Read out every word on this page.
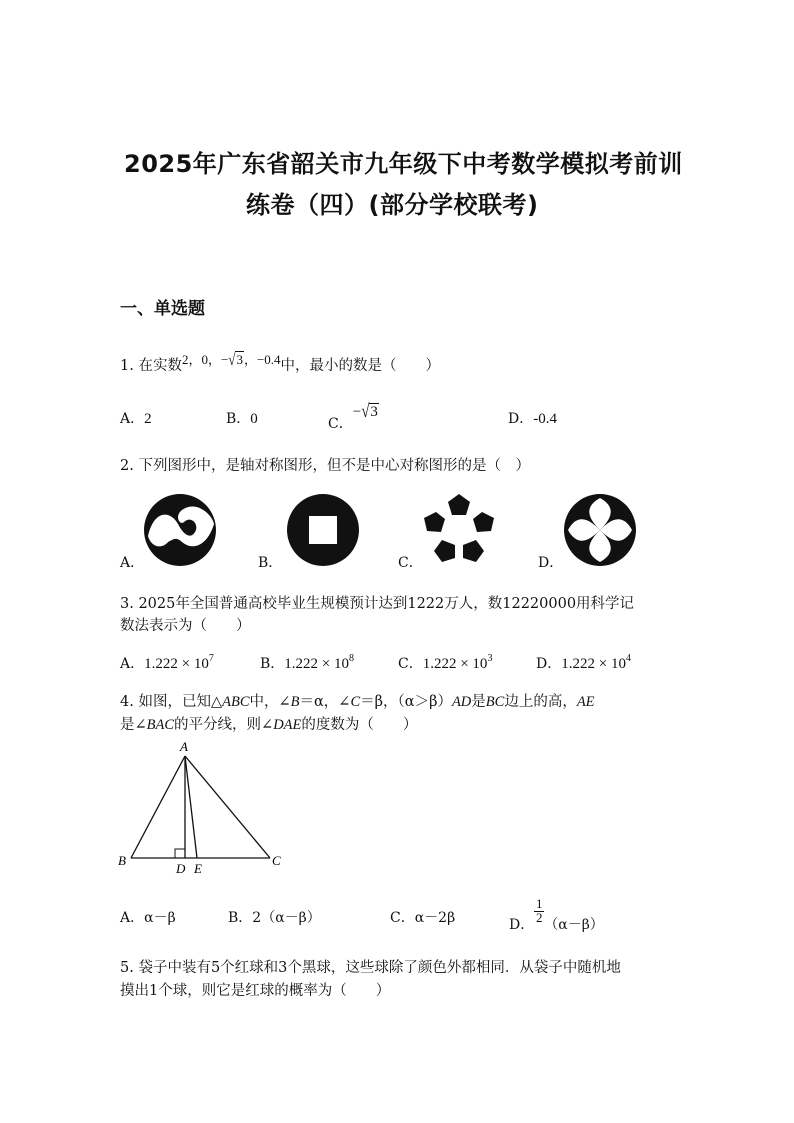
2025年广东省韶关市九年级下中考数学模拟考前训
练卷（四）(部分学校联考)
一、单选题
1. 在实数2，0，−√3，−0.4中，最小的数是（　　）
A．2	B．0	C．−√3	D．-0.4
2. 下列图形中，是轴对称图形，但不是中心对称图形的是（　）
A．	B．	C．	D．
3. 2025年全国普通高校毕业生规模预计达到1222万人，数12220000用科学记
数法表示为（　　）
A．$1.222 \times 10^7$	B．$1.222 \times 10^8$	C．$1.222 \times 10^3$	D．$1.222 \times 10^4$
4. 如图，已知△ABC中，∠B＝α，∠C＝β，（α＞β）AD是BC边上的高，AE
是∠BAC的平分线，则∠DAE的度数为（　　）
A
B	C
D E
A．α－β	B．2（α－β）	C．α－2β	D．
$\frac{1}{2}$
（α－β）
5. 袋子中装有5个红球和3个黑球，这些球除了颜色外都相同．从袋子中随机地
摸出1个球，则它是红球的概率为（　　）
